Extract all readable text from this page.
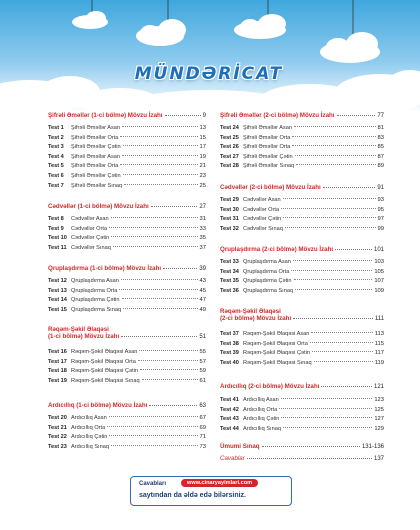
MÜNDƏRİCAT
Şifrəli Əməllər (1-ci bölmə) Mövzu İzahı	9
Test 1	Şifrəli Əməllər Asan	13
Test 2	Şifrəli Əməllər Orta	15
Test 3	Şifrəli Əməllər Çətin	17
Test 4	Şifrəli Əməllər Asan	19
Test 5	Şifrəli Əməllər Orta	21
Test 6	Şifrəli Əməllər Çətin	23
Test 7	Şifrəli Əməllər Sınaq	25
Cədvəllər (1-ci bölmə) Mövzu İzahı	27
Test 8	Cədvəllər Asan	31
Test 9	Cədvəllər Orta	33
Test 10 Cədvəllər Çətin	35
Test 11 Cədvəllər Sınaq	37
Qruplaşdırma (1-ci bölmə) Mövzu İzahı	39
Test 12 Qruplaşdırma Asan	43
Test 13 Qruplaşdırma Orta	45
Test 14 Qruplaşdırma Çətin	47
Test 15 Qruplaşdırma Sınaq	49
Rəqəm-Şəkil Əlaqəsi
(1-ci bölmə) Mövzu İzahı	51
Test 16 Rəqəm-Şəkil Əlaqəsi Asan	55
Test 17 Rəqəm-Şəkil Əlaqəsi Orta	57
Test 18 Rəqəm-Şəkil Əlaqəsi Çətin	59
Test 19 Rəqəm-Şəkil Əlaqəsi Sınaq	61
Ardıcıllıq (1-ci bölmə) Mövzu İzahı	63
Test 20 Ardıcıllıq Asan	67
Test 21 Ardıcıllıq Orta	69
Test 22 Ardıcıllıq Çətin	71
Test 23 Ardıcıllıq Sınaq	73
Şifrəli Əməllər (2-ci bölmə) Mövzu İzahı	77
Test 24 Şifrəli Əməllər Asan	81
Test 25 Şifrəli Əməllər Orta	83
Test 26 Şifrəli Əməllər Orta	85
Test 27 Şifrəli Əməllər Çətin	87
Test 28 Şifrəli Əməllər Sınaq	89
Cədvəllər (2-ci bölmə) Mövzu İzahı	91
Test 29 Cədvəllər Asan	93
Test 30 Cədvəllər Orta	95
Test 31 Cədvəllər Çətin	97
Test 32 Cədvəllər Sınaq	99
Qruplaşdırma (2-ci bölmə) Mövzu İzahı	101
Test 33 Qruplaşdırma Asan	103
Test 34 Qruplaşdırma Orta	105
Test 35 Qruplaşdırma Çətin	107
Test 36 Qruplaşdırma Sınaq	109
Rəqəm-Şəkil Əlaqəsi
(2-ci bölmə) Mövzu İzahı	111
Test 37 Rəqəm-Şəkil Əlaqəsi Asan	113
Test 38 Rəqəm-Şəkil Əlaqəsi Orta	115
Test 39 Rəqəm-Şəkil Əlaqəsi Çətin	117
Test 40 Rəqəm-Şəkil Əlaqəsi Sınaq	119
Ardıcıllıq (2-ci bölmə) Mövzu İzahı	121
Test 41 Ardıcıllıq Asan	123
Test 42 Ardıcıllıq Orta	125
Test 43 Ardıcıllıq Çətin	127
Test 44 Ardıcıllıq Sınaq	129
Ümumi Sınaq	131-136
Cavablar	137
Cavabları	www.cinaryayimlari.com
saytından da əldə edə bilərsiniz.
